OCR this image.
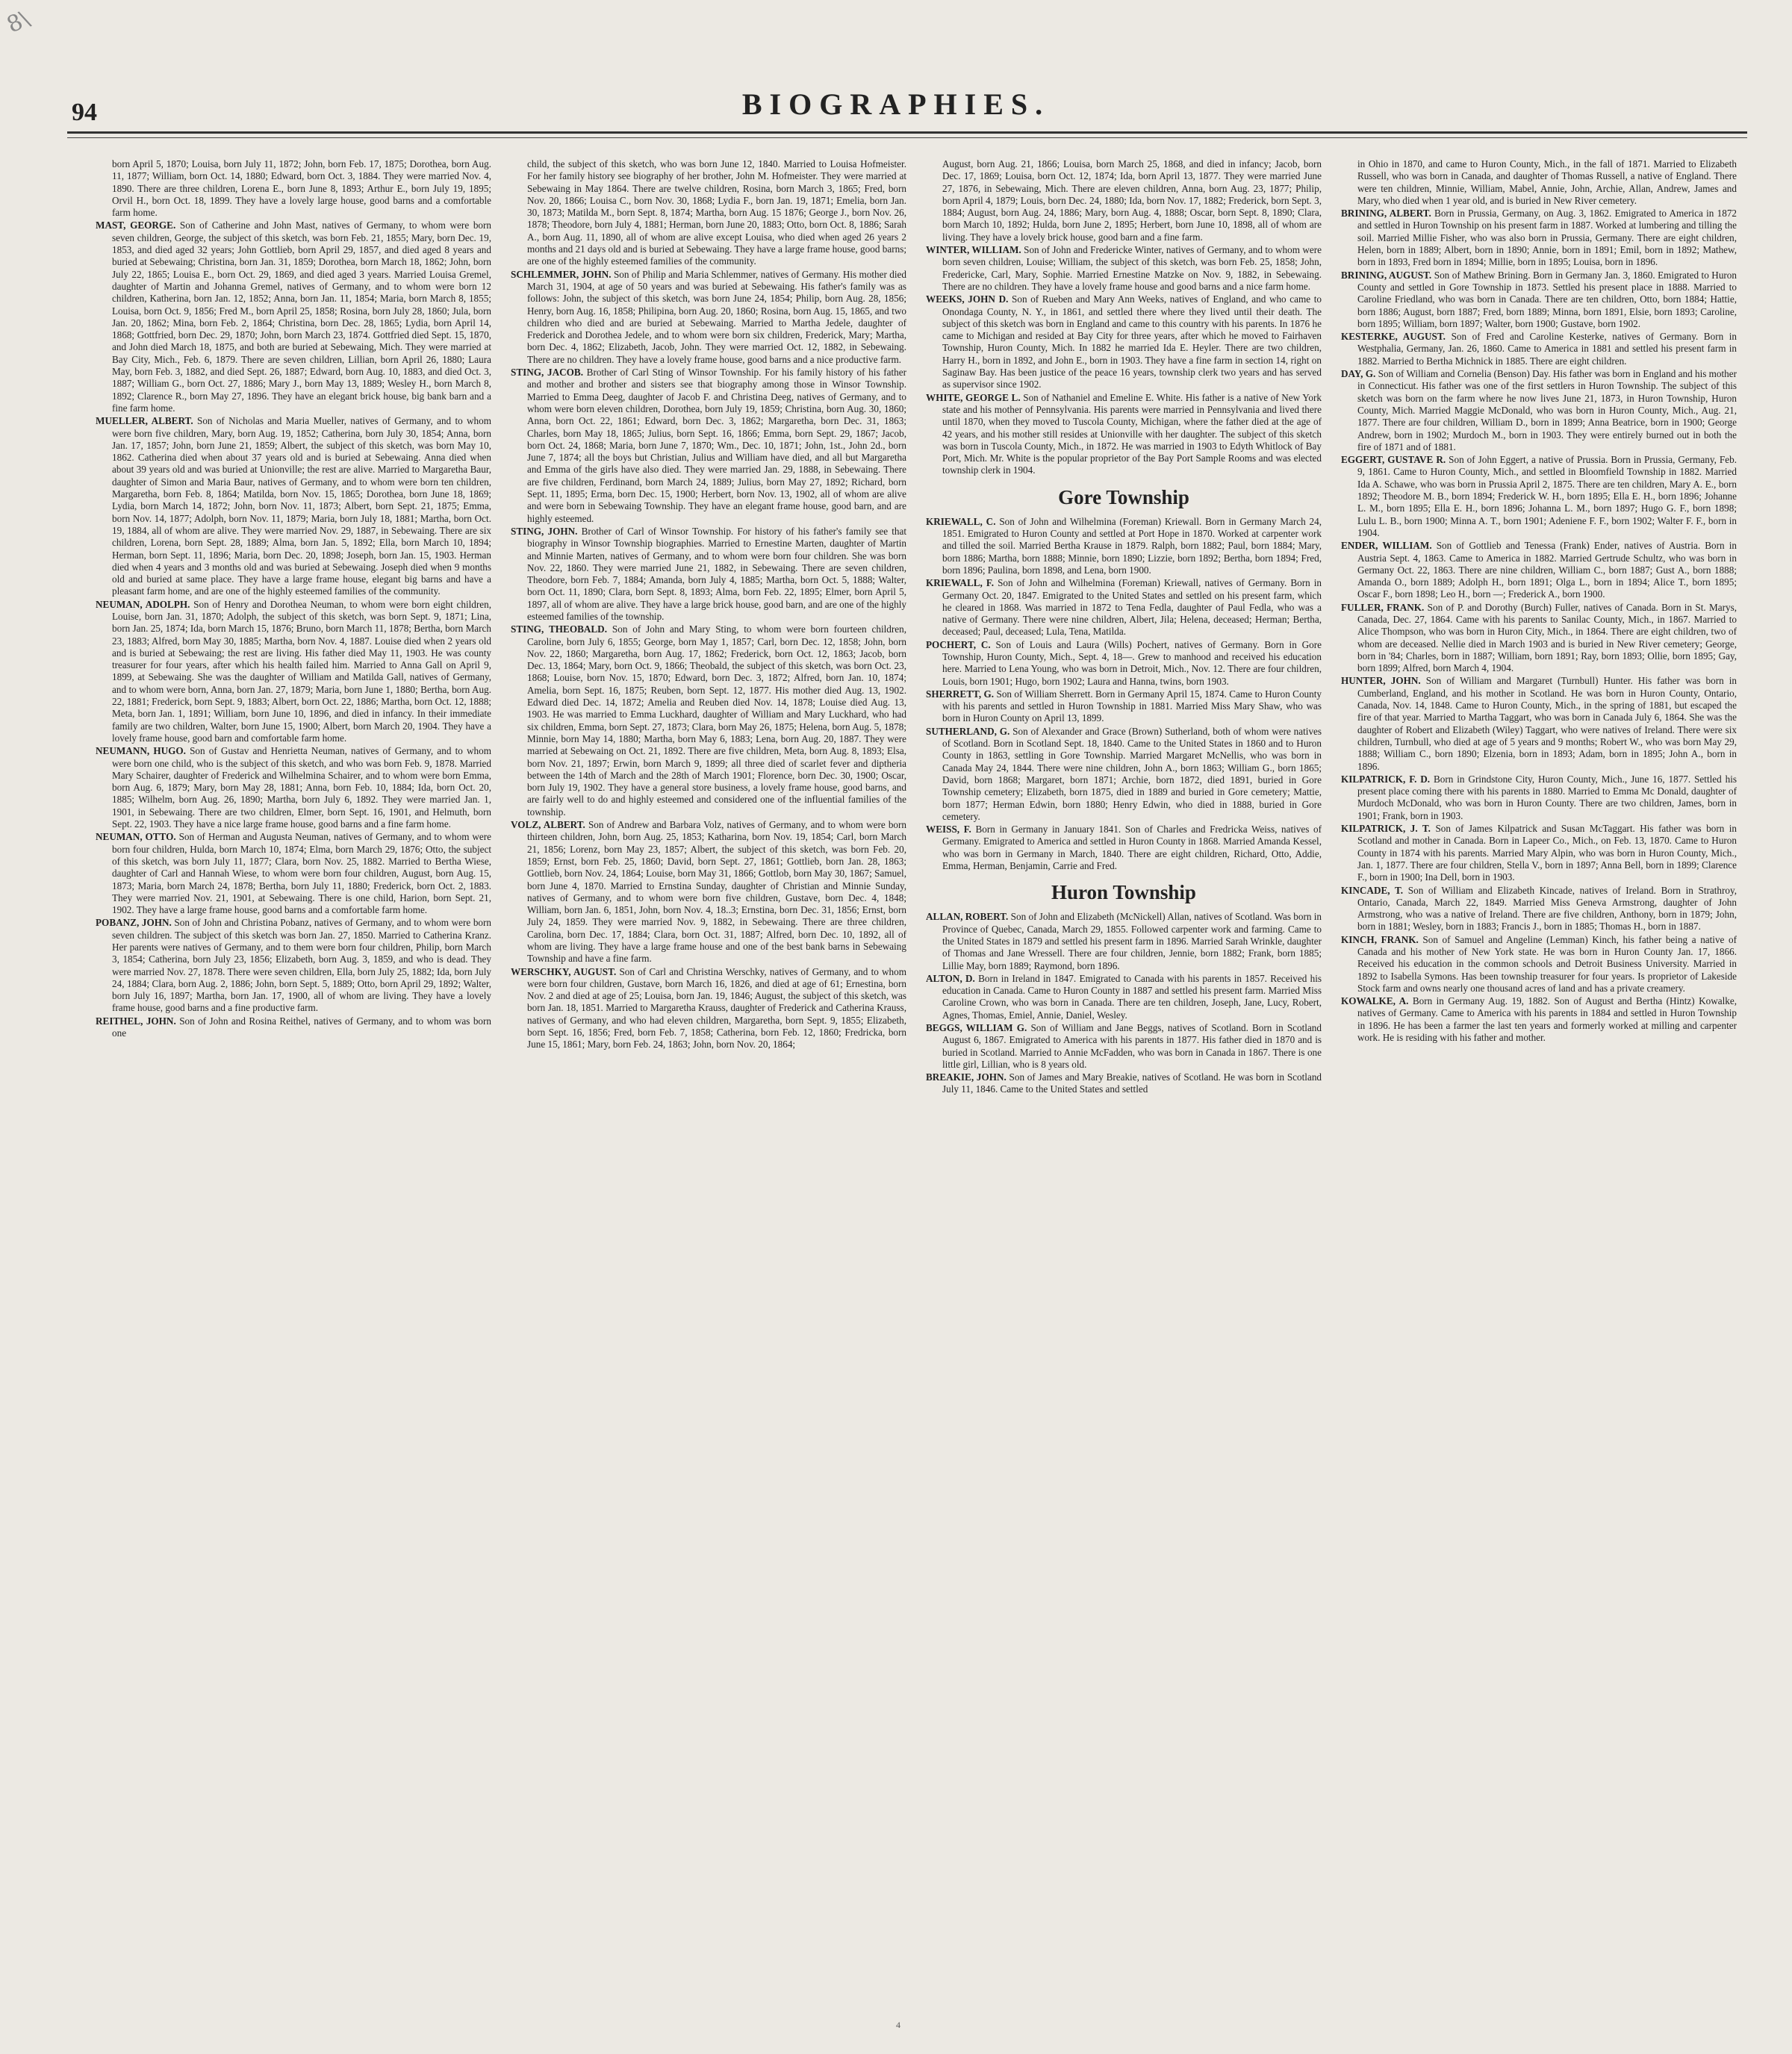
8\
94	BIOGRAPHIES.

born April 5, 1870; Louisa, born July 11, 1872; John, born Feb. 17, 1875; Dorothea, born Aug. 11, 1877; William, born Oct. 14, 1880; Edward, born Oct. 3, 1884. They were married Nov. 4, 1890. There are three children, Lorena E., born June 8, 1893; Arthur E., born July 19, 1895; Orvil H., born Oct. 18, 1899. They have a lovely large house, good barns and a comfortable farm home.

MAST, GEORGE. Son of Catherine and John Mast, natives of Germany, to whom were born seven children, George, the subject of this sketch, was born Feb. 21, 1855; Mary, born Dec. 19, 1853, and died aged 32 years; John Gottlieb, born April 29, 1857, and died aged 8 years and buried at Sebewaing; Christina, born Jan. 31, 1859; Dorothea, born March 18, 1862; John, born July 22, 1865; Louisa E., born Oct. 29, 1869, and died aged 3 years. Married Louisa Gremel, daughter of Martin and Johanna Gremel, natives of Germany, and to whom were born 12 children, Katherina, born Jan. 12, 1852; Anna, born Jan. 11, 1854; Maria, born March 8, 1855; Louisa, born Oct. 9, 1856; Fred M., born April 25, 1858; Rosina, born July 28, 1860; Jula, born Jan. 20, 1862; Mina, born Feb. 2, 1864; Christina, born Dec. 28, 1865; Lydia, born April 14, 1868; Gottfried, born Dec. 29, 1870; John, born March 23, 1874. Gottfried died Sept. 15, 1870, and John died March 18, 1875, and both are buried at Sebewaing, Mich. They were married at Bay City, Mich., Feb. 6, 1879. There are seven children, Lillian, born April 26, 1880; Laura May, born Feb. 3, 1882, and died Sept. 26, 1887; Edward, born Aug. 10, 1883, and died Oct. 3, 1887; William G., born Oct. 27, 1886; Mary J., born May 13, 1889; Wesley H., born March 8, 1892; Clarence R., born May 27, 1896. They have an elegant brick house, big bank barn and a fine farm home.

MUELLER, ALBERT. Son of Nicholas and Maria Mueller, natives of Germany, and to whom were born five children, Mary, born Aug. 19, 1852; Catherina, born July 30, 1854; Anna, born Jan. 17, 1857; John, born June 21, 1859; Albert, the subject of this sketch, was born May 10, 1862. Catherina died when about 37 years old and is buried at Sebewaing. Anna died when about 39 years old and was buried at Unionville; the rest are alive. Married to Margaretha Baur, daughter of Simon and Maria Baur, natives of Germany, and to whom were born ten children, Margaretha, born Feb. 8, 1864; Matilda, born Nov. 15, 1865; Dorothea, born June 18, 1869; Lydia, born March 14, 1872; John, born Nov. 11, 1873; Albert, born Sept. 21, 1875; Emma, born Nov. 14, 1877; Adolph, born Nov. 11, 1879; Maria, born July 18, 1881; Martha, born Oct. 19, 1884, all of whom are alive. They were married Nov. 29, 1887, in Sebewaing. There are six children, Lorena, born Sept. 28, 1889; Alma, born Jan. 5, 1892; Ella, born March 10, 1894; Herman, born Sept. 11, 1896; Maria, born Dec. 20, 1898; Joseph, born Jan. 15, 1903. Herman died when 4 years and 3 months old and was buried at Sebewaing. Joseph died when 9 months old and buried at same place. They have a large frame house, elegant big barns and have a pleasant farm home, and are one of the highly esteemed families of the community.

NEUMAN, ADOLPH. Son of Henry and Dorothea Neuman, to whom were born eight children, Louise, born Jan. 31, 1870; Adolph, the subject of this sketch, was born Sept. 9, 1871; Lina, born Jan. 25, 1874; Ida, born March 15, 1876; Bruno, born March 11, 1878; Bertha, born March 23, 1883; Alfred, born May 30, 1885; Martha, born Nov. 4, 1887. Louise died when 2 years old and is buried at Sebewaing; the rest are living. His father died May 11, 1903. He was county treasurer for four years, after which his health failed him. Married to Anna Gall on April 9, 1899, at Sebewaing. She was the daughter of William and Matilda Gall, natives of Germany, and to whom were born, Anna, born Jan. 27, 1879; Maria, born June 1, 1880; Bertha, born Aug. 22, 1881; Frederick, born Sept. 9, 1883; Albert, born Oct. 22, 1886; Martha, born Oct. 12, 1888; Meta, born Jan. 1, 1891; William, born June 10, 1896, and died in infancy. In their immediate family are two children, Walter, born June 15, 1900; Albert, born March 20, 1904. They have a lovely frame house, good barn and comfortable farm home.

NEUMANN, HUGO. Son of Gustav and Henrietta Neuman, natives of Germany, and to whom were born one child, who is the subject of this sketch, and who was born Feb. 9, 1878. Married Mary Schairer, daughter of Frederick and Wilhelmina Schairer, and to whom were born Emma, born Aug. 6, 1879; Mary, born May 28, 1881; Anna, born Feb. 10, 1884; Ida, born Oct. 20, 1885; Wilhelm, born Aug. 26, 1890; Martha, born July 6, 1892. They were married Jan. 1, 1901, in Sebewaing. There are two children, Elmer, born Sept. 16, 1901, and Helmuth, born Sept. 22, 1903. They have a nice large frame house, good barns and a fine farm home.

NEUMAN, OTTO. Son of Herman and Augusta Neuman, natives of Germany, and to whom were born four children, Hulda, born March 10, 1874; Elma, born March 29, 1876; Otto, the subject of this sketch, was born July 11, 1877; Clara, born Nov. 25, 1882. Married to Bertha Wiese, daughter of Carl and Hannah Wiese, to whom were born four children, August, born Aug. 15, 1873; Maria, born March 24, 1878; Bertha, born July 11, 1880; Frederick, born Oct. 2, 1883. They were married Nov. 21, 1901, at Sebewaing. There is one child, Harion, born Sept. 21, 1902. They have a large frame house, good barns and a comfortable farm home.

POBANZ, JOHN. Son of John and Christina Pobanz, natives of Germany, and to whom were born seven children. The subject of this sketch was born Jan. 27, 1850. Married to Catherina Kranz. Her parents were natives of Germany, and to them were born four children, Philip, born March 3, 1854; Catherina, born July 23, 1856; Elizabeth, born Aug. 3, 1859, and who is dead. They were married Nov. 27, 1878. There were seven children, Ella, born July 25, 1882; Ida, born July 24, 1884; Clara, born Aug. 2, 1886; John, born Sept. 5, 1889; Otto, born April 29, 1892; Walter, born July 16, 1897; Martha, born Jan. 17, 1900, all of whom are living. They have a lovely frame house, good barns and a fine productive farm.

REITHEL, JOHN. Son of John and Rosina Reithel, natives of Germany, and to whom was born one

child, the subject of this sketch, who was born June 12, 1840. Married to Louisa Hofmeister. For her family history see biography of her brother, John M. Hofmeister. They were married at Sebewaing in May 1864. There are twelve children, Rosina, born March 3, 1865; Fred, born Nov. 20, 1866; Louisa C., born Nov. 30, 1868; Lydia F., born Jan. 19, 1871; Emelia, born Jan. 30, 1873; Matilda M., born Sept. 8, 1874; Martha, born Aug. 15 1876; George J., born Nov. 26, 1878; Theodore, born July 4, 1881; Herman, born June 20, 1883; Otto, born Oct. 8, 1886; Sarah A., born Aug. 11, 1890, all of whom are alive except Louisa, who died when aged 26 years 2 months and 21 days old and is buried at Sebewaing. They have a large frame house, good barns; are one of the highly esteemed families of the community.

SCHLEMMER, JOHN. Son of Philip and Maria Schlemmer, natives of Germany. His mother died March 31, 1904, at age of 50 years and was buried at Sebewaing. His father's family was as follows: John, the subject of this sketch, was born June 24, 1854; Philip, born Aug. 28, 1856; Henry, born Aug. 16, 1858; Philipina, born Aug. 20, 1860; Rosina, born Aug. 15, 1865, and two children who died and are buried at Sebewaing. Married to Martha Jedele, daughter of Frederick and Dorothea Jedele, and to whom were born six children, Frederick, Mary; Martha, born Dec. 4, 1862; Elizabeth, Jacob, John. They were married Oct. 12, 1882, in Sebewaing. There are no children. They have a lovely frame house, good barns and a nice productive farm.

STING, JACOB. Brother of Carl Sting of Winsor Township. For his family history of his father and mother and brother and sisters see that biography among those in Winsor Township. Married to Emma Deeg, daughter of Jacob F. and Christina Deeg, natives of Germany, and to whom were born eleven children, Dorothea, born July 19, 1859; Christina, born Aug. 30, 1860; Anna, born Oct. 22, 1861; Edward, born Dec. 3, 1862; Margaretha, born Dec. 31, 1863; Charles, born May 18, 1865; Julius, born Sept. 16, 1866; Emma, born Sept. 29, 1867; Jacob, born Oct. 24, 1868; Maria, born June 7, 1870; Wm., Dec. 10, 1871; John, 1st., John 2d., born June 7, 1874; all the boys but Christian, Julius and William have died, and all but Margaretha and Emma of the girls have also died. They were married Jan. 29, 1888, in Sebewaing. There are five children, Ferdinand, born March 24, 1889; Julius, born May 27, 1892; Richard, born Sept. 11, 1895; Erma, born Dec. 15, 1900; Herbert, born Nov. 13, 1902, all of whom are alive and were born in Sebewaing Township. They have an elegant frame house, good barn, and are highly esteemed.

STING, JOHN. Brother of Carl of Winsor Township. For history of his father's family see that biography in Winsor Township biographies. Married to Ernestine Marten, daughter of Martin and Minnie Marten, natives of Germany, and to whom were born four children. She was born Nov. 22, 1860. They were married June 21, 1882, in Sebewaing. There are seven children, Theodore, born Feb. 7, 1884; Amanda, born July 4, 1885; Martha, born Oct. 5, 1888; Walter, born Oct. 11, 1890; Clara, born Sept. 8, 1893; Alma, born Feb. 22, 1895; Elmer, born April 5, 1897, all of whom are alive. They have a large brick house, good barn, and are one of the highly esteemed families of the township.

STING, THEOBALD. Son of John and Mary Sting, to whom were born fourteen children, Caroline, born July 6, 1855; George, born May 1, 1857; Carl, born Dec. 12, 1858; John, born Nov. 22, 1860; Margaretha, born Aug. 17, 1862; Frederick, born Oct. 12, 1863; Jacob, born Dec. 13, 1864; Mary, born Oct. 9, 1866; Theobald, the subject of this sketch, was born Oct. 23, 1868; Louise, born Nov. 15, 1870; Edward, born Dec. 3, 1872; Alfred, born Jan. 10, 1874; Amelia, born Sept. 16, 1875; Reuben, born Sept. 12, 1877. His mother died Aug. 13, 1902. Edward died Dec. 14, 1872; Amelia and Reuben died Nov. 14, 1878; Louise died Aug. 13, 1903. He was married to Emma Luckhard, daughter of William and Mary Luckhard, who had six children, Emma, born Sept. 27, 1873; Clara, born May 26, 1875; Helena, born Aug. 5, 1878; Minnie, born May 14, 1880; Martha, born May 6, 1883; Lena, born Aug. 20, 1887. They were married at Sebewaing on Oct. 21, 1892. There are five children, Meta, born Aug. 8, 1893; Elsa, born Nov. 21, 1897; Erwin, born March 9, 1899; all three died of scarlet fever and diptheria between the 14th of March and the 28th of March 1901; Florence, born Dec. 30, 1900; Oscar, born July 19, 1902. They have a general store business, a lovely frame house, good barns, and are fairly well to do and highly esteemed and considered one of the influential families of the township.

VOLZ, ALBERT. Son of Andrew and Barbara Volz, natives of Germany, and to whom were born thirteen children, John, born Aug. 25, 1853; Katharina, born Nov. 19, 1854; Carl, born March 21, 1856; Lorenz, born May 23, 1857; Albert, the subject of this sketch, was born Feb. 20, 1859; Ernst, born Feb. 25, 1860; David, born Sept. 27, 1861; Gottlieb, born Jan. 28, 1863; Gottlieb, born Nov. 24, 1864; Louise, born May 31, 1866; Gottlob, born May 30, 1867; Samuel, born June 4, 1870. Married to Ernstina Sunday, daughter of Christian and Minnie Sunday, natives of Germany, and to whom were born five children, Gustave, born Dec. 4, 1848; William, born Jan. 6, 1851, John, born Nov. 4, 18..3; Ernstina, born Dec. 31, 1856; Ernst, born July 24, 1859. They were married Nov. 9, 1882, in Sebewaing. There are three children, Carolina, born Dec. 17, 1884; Clara, born Oct. 31, 1887; Alfred, born Dec. 10, 1892, all of whom are living. They have a large frame house and one of the best bank barns in Sebewaing Township and have a fine farm.

WERSCHKY, AUGUST. Son of Carl and Christina Werschky, natives of Germany, and to whom were born four children, Gustave, born March 16, 1826, and died at age of 61; Ernestina, born Nov. 2 and died at age of 25; Louisa, born Jan. 19, 1846; August, the subject of this sketch, was born Jan. 18, 1851. Married to Margaretha Krauss, daughter of Frederick and Catherina Krauss, natives of Germany, and who had eleven children, Margaretha, born Sept. 9, 1855; Elizabeth, born Sept. 16, 1856; Fred, born Feb. 7, 1858; Catherina, born Feb. 12, 1860; Fredricka, born June 15, 1861; Mary, born Feb. 24, 1863; John, born Nov. 20, 1864;

August, born Aug. 21, 1866; Louisa, born March 25, 1868, and died in infancy; Jacob, born Dec. 17, 1869; Louisa, born Oct. 12, 1874; Ida, born April 13, 1877. They were married June 27, 1876, in Sebewaing, Mich. There are eleven children, Anna, born Aug. 23, 1877; Philip, born April 4, 1879; Louis, born Dec. 24, 1880; Ida, born Nov. 17, 1882; Frederick, born Sept. 3, 1884; August, born Aug. 24, 1886; Mary, born Aug. 4, 1888; Oscar, born Sept. 8, 1890; Clara, born March 10, 1892; Hulda, born June 2, 1895; Herbert, born June 10, 1898, all of whom are living. They have a lovely brick house, good barn and a fine farm.

WINTER, WILLIAM. Son of John and Fredericke Winter, natives of Germany, and to whom were born seven children, Louise; William, the subject of this sketch, was born Feb. 25, 1858; John, Fredericke, Carl, Mary, Sophie. Married Ernestine Matzke on Nov. 9, 1882, in Sebewaing. There are no children. They have a lovely frame house and good barns and a nice farm home.

WEEKS, JOHN D. Son of Rueben and Mary Ann Weeks, natives of England, and who came to Onondaga County, N. Y., in 1861, and settled there where they lived until their death. The subject of this sketch was born in England and came to this country with his parents. In 1876 he came to Michigan and resided at Bay City for three years, after which he moved to Fairhaven Township, Huron County, Mich. In 1882 he married Ida E. Heyler. There are two children, Harry H., born in 1892, and John E., born in 1903. They have a fine farm in section 14, right on Saginaw Bay. Has been justice of the peace 16 years, township clerk two years and has served as supervisor since 1902.

WHITE, GEORGE L. Son of Nathaniel and Emeline E. White. His father is a native of New York state and his mother of Pennsylvania. His parents were married in Pennsylvania and lived there until 1870, when they moved to Tuscola County, Michigan, where the father died at the age of 42 years, and his mother still resides at Unionville with her daughter. The subject of this sketch was born in Tuscola County, Mich., in 1872. He was married in 1903 to Edyth Whitlock of Bay Port, Mich. Mr. White is the popular proprietor of the Bay Port Sample Rooms and was elected township clerk in 1904.

Gore Township

KRIEWALL, C. Son of John and Wilhelmina (Foreman) Kriewall. Born in Germany March 24, 1851. Emigrated to Huron County and settled at Port Hope in 1870. Worked at carpenter work and tilled the soil. Married Bertha Krause in 1879. Ralph, born 1882; Paul, born 1884; Mary, born 1886; Martha, born 1888; Minnie, born 1890; Lizzie, born 1892; Bertha, born 1894; Fred, born 1896; Paulina, born 1898, and Lena, born 1900.

KRIEWALL, F. Son of John and Wilhelmina (Foreman) Kriewall, natives of Germany. Born in Germany Oct. 20, 1847. Emigrated to the United States and settled on his present farm, which he cleared in 1868. Was married in 1872 to Tena Fedla, daughter of Paul Fedla, who was a native of Germany. There were nine children, Albert, Jila; Helena, deceased; Herman; Bertha, deceased; Paul, deceased; Lula, Tena, Matilda.

POCHERT, C. Son of Louis and Laura (Wills) Pochert, natives of Germany. Born in Gore Township, Huron County, Mich., Sept. 4, 18—. Grew to manhood and received his education here. Married to Lena Young, who was born in Detroit, Mich., Nov. 12. There are four children, Louis, born 1901; Hugo, born 1902; Laura and Hanna, twins, born 1903.

SHERRETT, G. Son of William Sherrett. Born in Germany April 15, 1874. Came to Huron County with his parents and settled in Huron Township in 1881. Married Miss Mary Shaw, who was born in Huron County on April 13, 1899.

SUTHERLAND, G. Son of Alexander and Grace (Brown) Sutherland, both of whom were natives of Scotland. Born in Scotland Sept. 18, 1840. Came to the United States in 1860 and to Huron County in 1863, settling in Gore Township. Married Margaret McNellis, who was born in Canada May 24, 1844. There were nine children, John A., born 1863; William G., born 1865; David, born 1868; Margaret, born 1871; Archie, born 1872, died 1891, buried in Gore Township cemetery; Elizabeth, born 1875, died in 1889 and buried in Gore cemetery; Mattie, born 1877; Herman Edwin, born 1880; Henry Edwin, who died in 1888, buried in Gore cemetery.

WEISS, F. Born in Germany in January 1841. Son of Charles and Fredricka Weiss, natives of Germany. Emigrated to America and settled in Huron County in 1868. Married Amanda Kessel, who was born in Germany in March, 1840. There are eight children, Richard, Otto, Addie, Emma, Herman, Benjamin, Carrie and Fred.

Huron Township

ALLAN, ROBERT. Son of John and Elizabeth (McNickell) Allan, natives of Scotland. Was born in Province of Quebec, Canada, March 29, 1855. Followed carpenter work and farming. Came to the United States in 1879 and settled his present farm in 1896. Married Sarah Wrinkle, daughter of Thomas and Jane Wressell. There are four children, Jennie, born 1882; Frank, born 1885; Lillie May, born 1889; Raymond, born 1896.

ALTON, D. Born in Ireland in 1847. Emigrated to Canada with his parents in 1857. Received his education in Canada. Came to Huron County in 1887 and settled his present farm. Married Miss Caroline Crown, who was born in Canada. There are ten children, Joseph, Jane, Lucy, Robert, Agnes, Thomas, Emiel, Annie, Daniel, Wesley.

BEGGS, WILLIAM G. Son of William and Jane Beggs, natives of Scotland. Born in Scotland August 6, 1867. Emigrated to America with his parents in 1877. His father died in 1870 and is buried in Scotland. Married to Annie McFadden, who was born in Canada in 1867. There is one little girl, Lillian, who is 8 years old.

BREAKIE, JOHN. Son of James and Mary Breakie, natives of Scotland. He was born in Scotland July 11, 1846. Came to the United States and settled

in Ohio in 1870, and came to Huron County, Mich., in the fall of 1871. Married to Elizabeth Russell, who was born in Canada, and daughter of Thomas Russell, a native of England. There were ten children, Minnie, William, Mabel, Annie, John, Archie, Allan, Andrew, James and Mary, who died when 1 year old, and is buried in New River cemetery.

BRINING, ALBERT. Born in Prussia, Germany, on Aug. 3, 1862. Emigrated to America in 1872 and settled in Huron Township on his present farm in 1887. Worked at lumbering and tilling the soil. Married Millie Fisher, who was also born in Prussia, Germany. There are eight children, Helen, born in 1889; Albert, born in 1890; Annie, born in 1891; Emil, born in 1892; Mathew, born in 1893, Fred born in 1894; Millie, born in 1895; Louisa, born in 1896.

BRINING, AUGUST. Son of Mathew Brining. Born in Germany Jan. 3, 1860. Emigrated to Huron County and settled in Gore Township in 1873. Settled his present place in 1888. Married to Caroline Friedland, who was born in Canada. There are ten children, Otto, born 1884; Hattie, born 1886; August, born 1887; Fred, born 1889; Minna, born 1891, Elsie, born 1893; Caroline, born 1895; William, born 1897; Walter, born 1900; Gustave, born 1902.

KESTERKE, AUGUST. Son of Fred and Caroline Kesterke, natives of Germany. Born in Westphalia, Germany, Jan. 26, 1860. Came to America in 1881 and settled his present farm in 1882. Married to Bertha Michnick in 1885. There are eight children.

DAY, G. Son of William and Cornelia (Benson) Day. His father was born in England and his mother in Connecticut. His father was one of the first settlers in Huron Township. The subject of this sketch was born on the farm where he now lives June 21, 1873, in Huron Township, Huron County, Mich. Married Maggie McDonald, who was born in Huron County, Mich., Aug. 21, 1877. There are four children, William D., born in 1899; Anna Beatrice, born in 1900; George Andrew, born in 1902; Murdoch M., born in 1903. They were entirely burned out in both the fire of 1871 and of 1881.

EGGERT, GUSTAVE R. Son of John Eggert, a native of Prussia. Born in Prussia, Germany, Feb. 9, 1861. Came to Huron County, Mich., and settled in Bloomfield Township in 1882. Married Ida A. Schawe, who was born in Prussia April 2, 1875. There are ten children, Mary A. E., born 1892; Theodore M. B., born 1894; Frederick W. H., born 1895; Ella E. H., born 1896; Johanne L. M., born 1895; Ella E. H., born 1896; Johanna L. M., born 1897; Hugo G. F., born 1898; Lulu L. B., born 1900; Minna A. T., born 1901; Adeniene F. F., born 1902; Walter F. F., born in 1904.

ENDER, WILLIAM. Son of Gottlieb and Tenessa (Frank) Ender, natives of Austria. Born in Austria Sept. 4, 1863. Came to America in 1882. Married Gertrude Schultz, who was born in Germany Oct. 22, 1863. There are nine children, William C., born 1887; Gust A., born 1888; Amanda O., born 1889; Adolph H., born 1891; Olga L., born in 1894; Alice T., born 1895; Oscar F., born 1898; Leo H., born —; Frederick A., born 1900.

FULLER, FRANK. Son of P. and Dorothy (Burch) Fuller, natives of Canada. Born in St. Marys, Canada, Dec. 27, 1864. Came with his parents to Sanilac County, Mich., in 1867. Married to Alice Thompson, who was born in Huron City, Mich., in 1864. There are eight children, two of whom are deceased. Nellie died in March 1903 and is buried in New River cemetery; George, born in '84; Charles, born in 1887; William, born 1891; Ray, born 1893; Ollie, born 1895; Gay, born 1899; Alfred, born March 4, 1904.

HUNTER, JOHN. Son of William and Margaret (Turnbull) Hunter. His father was born in Cumberland, England, and his mother in Scotland. He was born in Huron County, Ontario, Canada, Nov. 14, 1848. Came to Huron County, Mich., in the spring of 1881, but escaped the fire of that year. Married to Martha Taggart, who was born in Canada July 6, 1864. She was the daughter of Robert and Elizabeth (Wiley) Taggart, who were natives of Ireland. There were six children, Turnbull, who died at age of 5 years and 9 months; Robert W., who was born May 29, 1888; William C., born 1890; Elzenia, born in 1893; Adam, born in 1895; John A., born in 1896.

KILPATRICK, F. D. Born in Grindstone City, Huron County, Mich., June 16, 1877. Settled his present place coming there with his parents in 1880. Married to Emma Mc Donald, daughter of Murdoch McDonald, who was born in Huron County. There are two children, James, born in 1901; Frank, born in 1903.

KILPATRICK, J. T. Son of James Kilpatrick and Susan McTaggart. His father was born in Scotland and mother in Canada. Born in Lapeer Co., Mich., on Feb. 13, 1870. Came to Huron County in 1874 with his parents. Married Mary Alpin, who was born in Huron County, Mich., Jan. 1, 1877. There are four children, Stella V., born in 1897; Anna Bell, born in 1899; Clarence F., born in 1900; Ina Dell, born in 1903.

KINCADE, T. Son of William and Elizabeth Kincade, natives of Ireland. Born in Strathroy, Ontario, Canada, March 22, 1849. Married Miss Geneva Armstrong, daughter of John Armstrong, who was a native of Ireland. There are five children, Anthony, born in 1879; John, born in 1881; Wesley, born in 1883; Francis J., born in 1885; Thomas H., born in 1887.

KINCH, FRANK. Son of Samuel and Angeline (Lemman) Kinch, his father being a native of Canada and his mother of New York state. He was born in Huron County Jan. 17, 1866. Received his education in the common schools and Detroit Business University. Married in 1892 to Isabella Symons. Has been township treasurer for four years. Is proprietor of Lakeside Stock farm and owns nearly one thousand acres of land and has a private creamery.

KOWALKE, A. Born in Germany Aug. 19, 1882. Son of August and Bertha (Hintz) Kowalke, natives of Germany. Came to America with his parents in 1884 and settled in Huron Township in 1896. He has been a farmer the last ten years and formerly worked at milling and carpenter work. He is residing with his father and mother.

4
